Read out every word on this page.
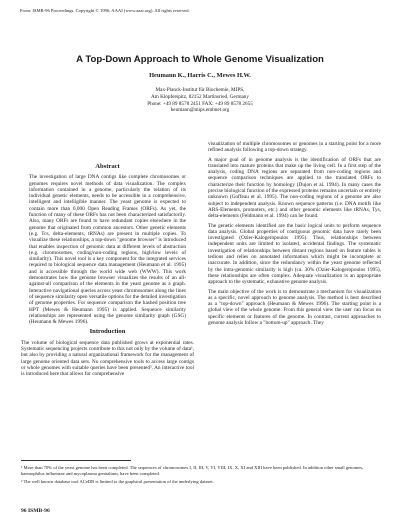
From: ISMB-96 Proceedings. Copyright © 1996, AAAI (www.aaai.org). All rights reserved.
A Top-Down Approach to Whole Genome Visualization
Heumann K., Harris C., Mewes H.W.
Max-Planck-Institut für Biochemie, MIPS,
Am Klopferspitz, 82152 Martinsried, Germany
Phone: +49 89 8578 2451 FAX: +49 89 8578 2655
heumann@mips.embnet.org
Abstract

The investigation of large DNA contigs like complete chromosomes or genomes requires novel methods of data visualization. The complex information contained in a genome, particularly the relation of its individual genetic elements, needs to be accessible in a comprehensive, intelligent and intelligible manner. The yeast genome is expected to contain more than 6,000 Open Reading Frames (ORFs). As yet, the function of many of these ORFs has not been characterized satisfactorily. Also, many ORFs are found to have redundant copies elsewhere in the genome that originated from common ancestors. Other genetic elements (e.g. Tcs, delta-elements, tRNAs) are present in multiple copies. To visualize these relationships, a top-down "genome browser" is introduced that enables inspection of genomic data at different levels of abstraction (e.g. chromosomes, coding/non-coding regions, high/low levels of similarity). This novel tool is a key component for the integrated services required to biological sequence data management (Heumann et al. 1995) and is accessible through the world wide web (WWW). This work demonstrates how the genome browser visualizes the results of an all-against-all comparison of the elements in the yeast genome as a graph. Interactive navigational queries across yeast chromosomes along the lines of sequence similarity open versatile options for the detailed investigation of genome properties. For sequence comparison the hashed position tree HPT (Mewes & Heumann 1995) is applied. Sequence similarity relationships are represented using the genome similarity graph (GSG) (Heumann & Mewes 1996).

Introduction

The volume of biological sequence data published grows at exponential rates. Systematic sequencing projects contribute to this not only by the volume of data¹, but also by providing a natural organizational framework for the management of large genome oriented data sets. No comprehensive tools to access large contigs or whole genomes with suitable queries have been presented². An interactive tool is introduced here that allows for comprehensive

visualization of multiple chromosomes or genomes in a starting point for a more refined analysis following a top-down strategy.

A major goal of in genome analysis is the identification of ORFs that are translated into mature proteins that make up the living cell. In a first step of the analysis, coding DNA regions are separated from non-coding regions and sequence comparison techniques are applied to the translated ORFs to characterize their function by homology (Dujon et al. 1994). In many cases the precise biological function of the expressed proteins remains uncertain or entirely unknown (Goffeau et al. 1995). The non-coding regions of a genome are also subject to independent analysis. Known sequence patterns (i.e. DNA motifs like ARS-Elements, promoters, etc.) and other genomic elements like tRNAs, Tys, delta-elements (Feldmann et al. 1994) can be found.

The genetic elements identified are the basic logical units to perform sequence data analysis. Global properties of contiguous genomic data have rarely been investigated (Ozier-Kalogeropoulos 1995). Thus, relationships between independent units are limited to isolated, accidental findings. The systematic investigation of relationships between distant regions based on feature tables is tedious and relies on annotated information which might be incomplete or inaccurate. In addition, since the redundancy within the yeast genome reflected by the intra-genomic similarity is high (ca. 30% (Ozier-Kalogeropoulos 1995), these relationships are often complex. Adequate visualization is an appropriate approach to the systematic, exhaustive genome analysis.

The main objective of the work is to demonstrate a mechanism for visualization as a specific, novel approach to genome analysis. The method is best described as a "top-down" approach (Heumann & Mewes 1996). The starting point is a global view of the whole genome. From this general view the user can focus on specific elements or features of the genome. In contrast, current approaches to genome analysis follow a "bottom-up" approach. They

¹ More than 70% of the yeast genome has been completed. The sequences of chromosomes I, II, III, V, VI, VIII, IX, X, XI and XIII have been published. In addition other small genomes, haemophilus influenzae and mycoplasma genitalium, have been completed.

² The well known database tool ACeDB is limited to the graphical presentation of the underlying dataset.

96 ISMB-96
